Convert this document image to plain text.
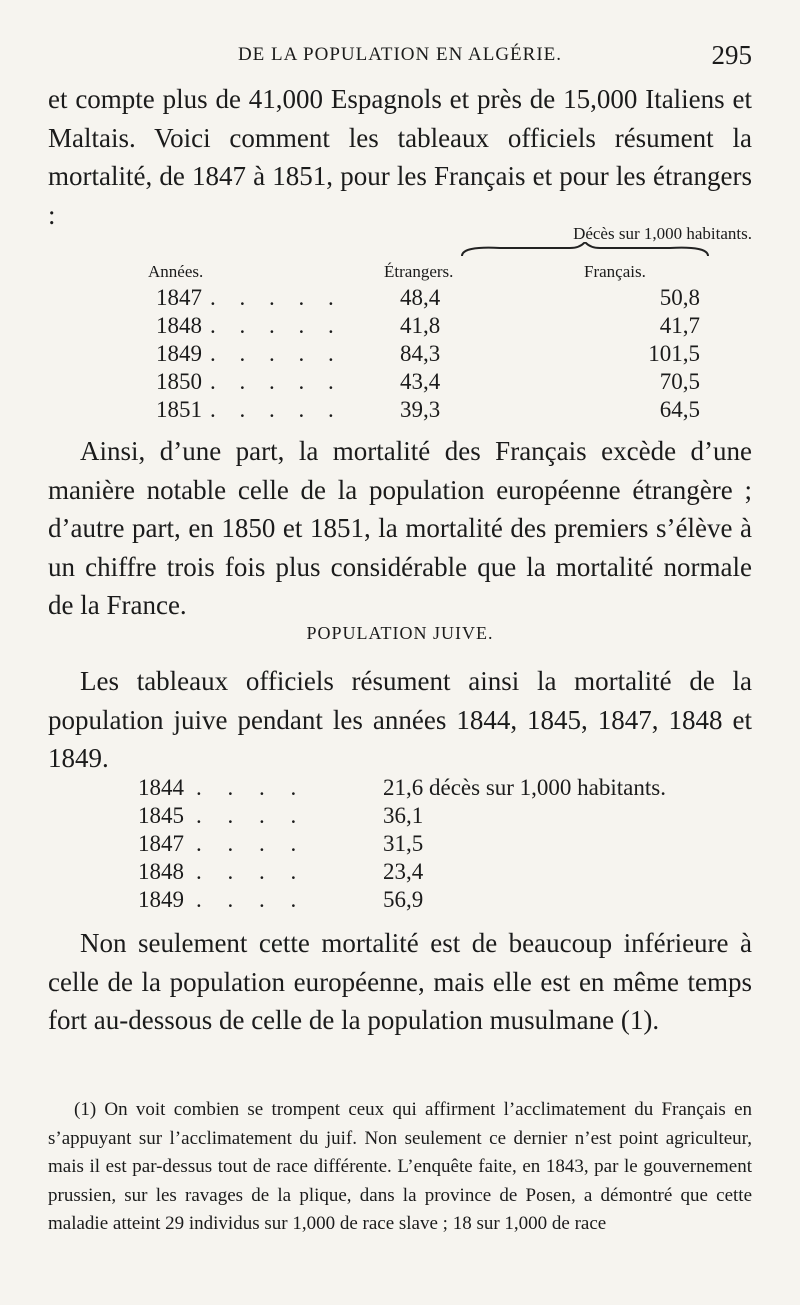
DE LA POPULATION EN ALGÉRIE.	295

et compte plus de 41,000 Espagnols et près de 15,000 Italiens et Maltais. Voici comment les tableaux officiels résument la mortalité, de 1847 à 1851, pour les Français et pour les étrangers :

Décès sur 1,000 habitants.
Années.	Étrangers.	Français.
1847 . . . . . 48,4	50,8
1848 . . . . . 41,8	41,7
1849 . . . . . 84,3	101,5
1850 . . . . . 43,4	70,5
1851 . . . . . 39,3	64,5

Ainsi, d’une part, la mortalité des Français excède d’une manière notable celle de la population européenne étrangère ; d’autre part, en 1850 et 1851, la mortalité des premiers s’élève à un chiffre trois fois plus considérable que la mortalité normale de la France.

POPULATION JUIVE.

Les tableaux officiels résument ainsi la mortalité de la population juive pendant les années 1844, 1845, 1847, 1848 et 1849.

1844 . . . .	21,6 décès sur 1,000 habitants.
1845 . . . .	36,1
1847 . . . .	31,5
1848 . . . .	23,4
1849 . . . .	56,9

Non seulement cette mortalité est de beaucoup inférieure à celle de la population européenne, mais elle est en même temps fort au-dessous de celle de la population musulmane (1).

(1) On voit combien se trompent ceux qui affirment l’acclimatement du Français en s’appuyant sur l’acclimatement du juif. Non seulement ce dernier n’est point agriculteur, mais il est par-dessus tout de race différente. L’enquête faite, en 1843, par le gouvernement prussien, sur les ravages de la plique, dans la province de Posen, a démontré que cette maladie atteint 29 individus sur 1,000 de race slave ; 18 sur 1,000 de race
